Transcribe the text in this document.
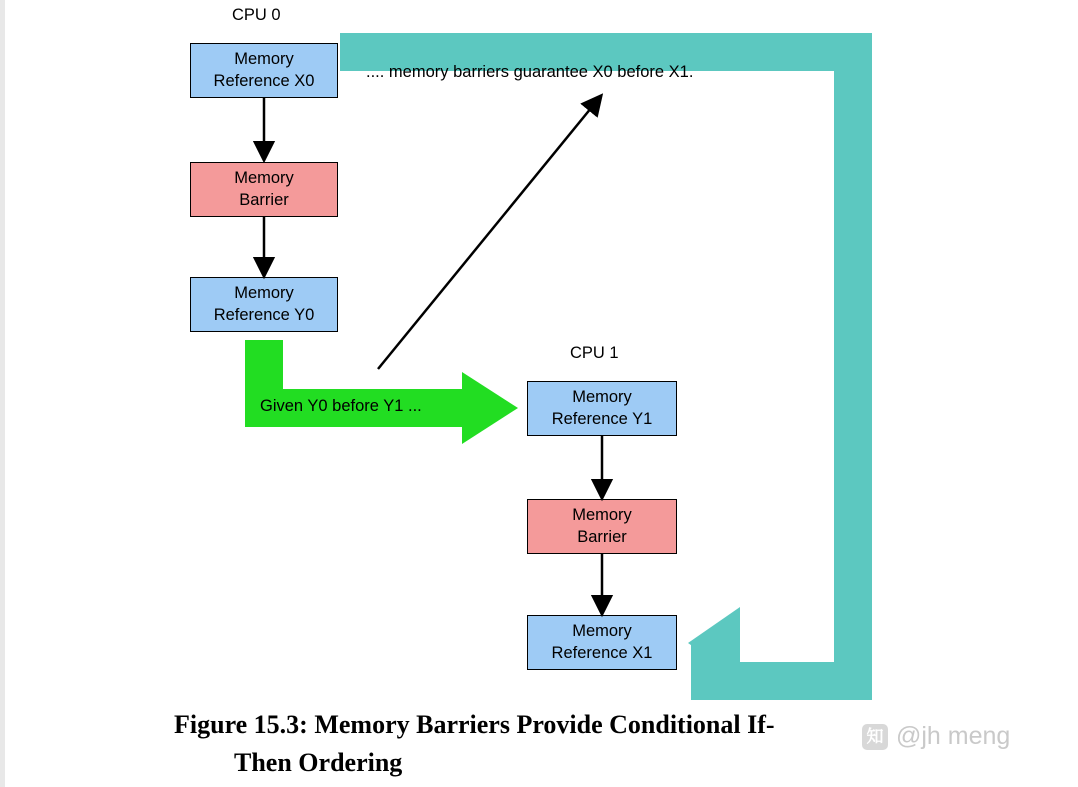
CPU 0
Memory
Reference X0
Memory
Barrier
Memory
Reference Y0
CPU 1
Memory
Reference Y1
Memory
Barrier
Memory
Reference X1
.... memory barriers guarantee X0 before X1.
Given Y0 before Y1 ...
Figure 15.3: Memory Barriers Provide Conditional If-
Then Ordering
知 @jh meng
